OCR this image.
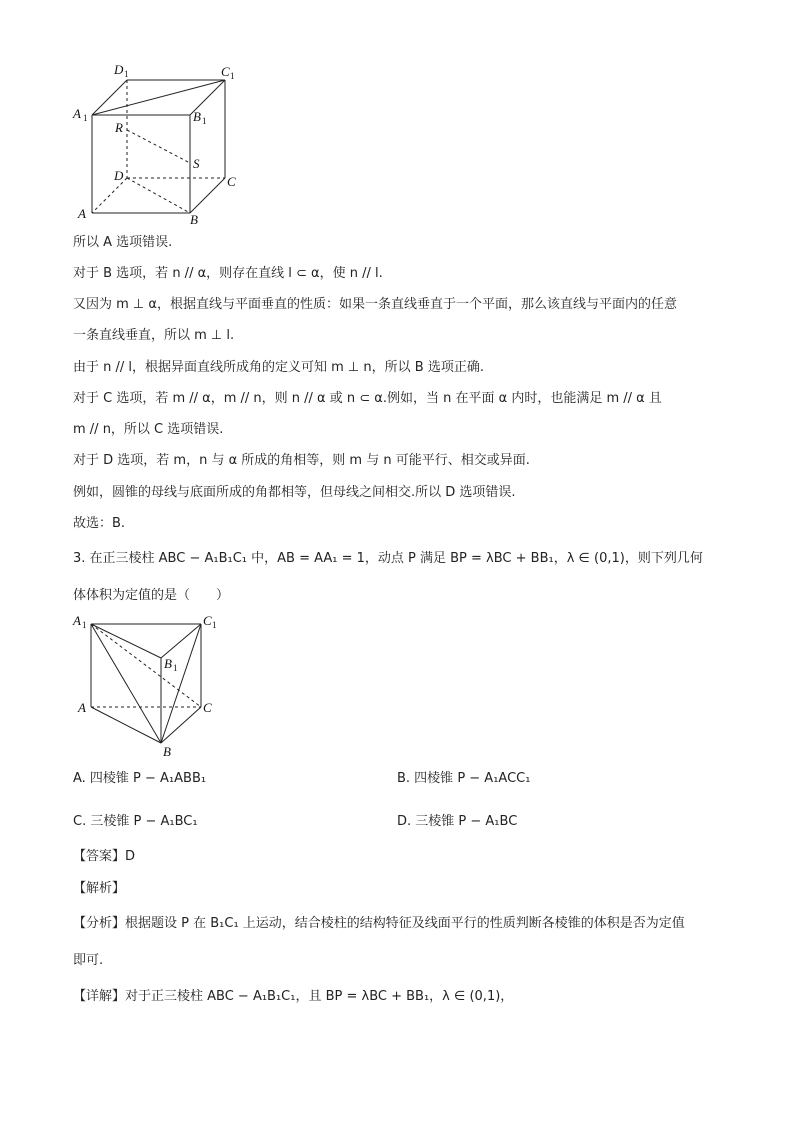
D 1	C 1
A 1	B 1
R
S
D	C
A	B
所以 A 选项错误.
对于 B 选项，若 n // α，则存在直线 l ⊂ α，使 n // l.
又因为 m ⊥ α，根据直线与平面垂直的性质：如果一条直线垂直于一个平面，那么该直线与平面内的任意
一条直线垂直，所以 m ⊥ l.
由于 n // l，根据异面直线所成角的定义可知 m ⊥ n，所以 B 选项正确.
对于 C 选项，若 m // α，m // n，则 n // α 或 n ⊂ α.例如，当 n 在平面 α 内时，也能满足 m // α 且
m // n，所以 C 选项错误.
对于 D 选项，若 m，n 与 α 所成的角相等，则 m 与 n 可能平行、相交或异面.
例如，圆锥的母线与底面所成的角都相等，但母线之间相交.所以 D 选项错误.
故选：B.
3. 在正三棱柱 ABC − A₁B₁C₁ 中，AB = AA₁ = 1，动点 P 满足 BP = λBC + BB₁，λ ∈ (0,1)，则下列几何
体体积为定值的是（　　）
A 1	C 1
B 1
A	C
B
A. 四棱锥 P − A₁ABB₁	B. 四棱锥 P − A₁ACC₁
C. 三棱锥 P − A₁BC₁	D. 三棱锥 P − A₁BC
【答案】D
【解析】
【分析】根据题设 P 在 B₁C₁ 上运动，结合棱柱的结构特征及线面平行的性质判断各棱锥的体积是否为定值
即可.
【详解】对于正三棱柱 ABC − A₁B₁C₁，且 BP = λBC + BB₁，λ ∈ (0,1)，
